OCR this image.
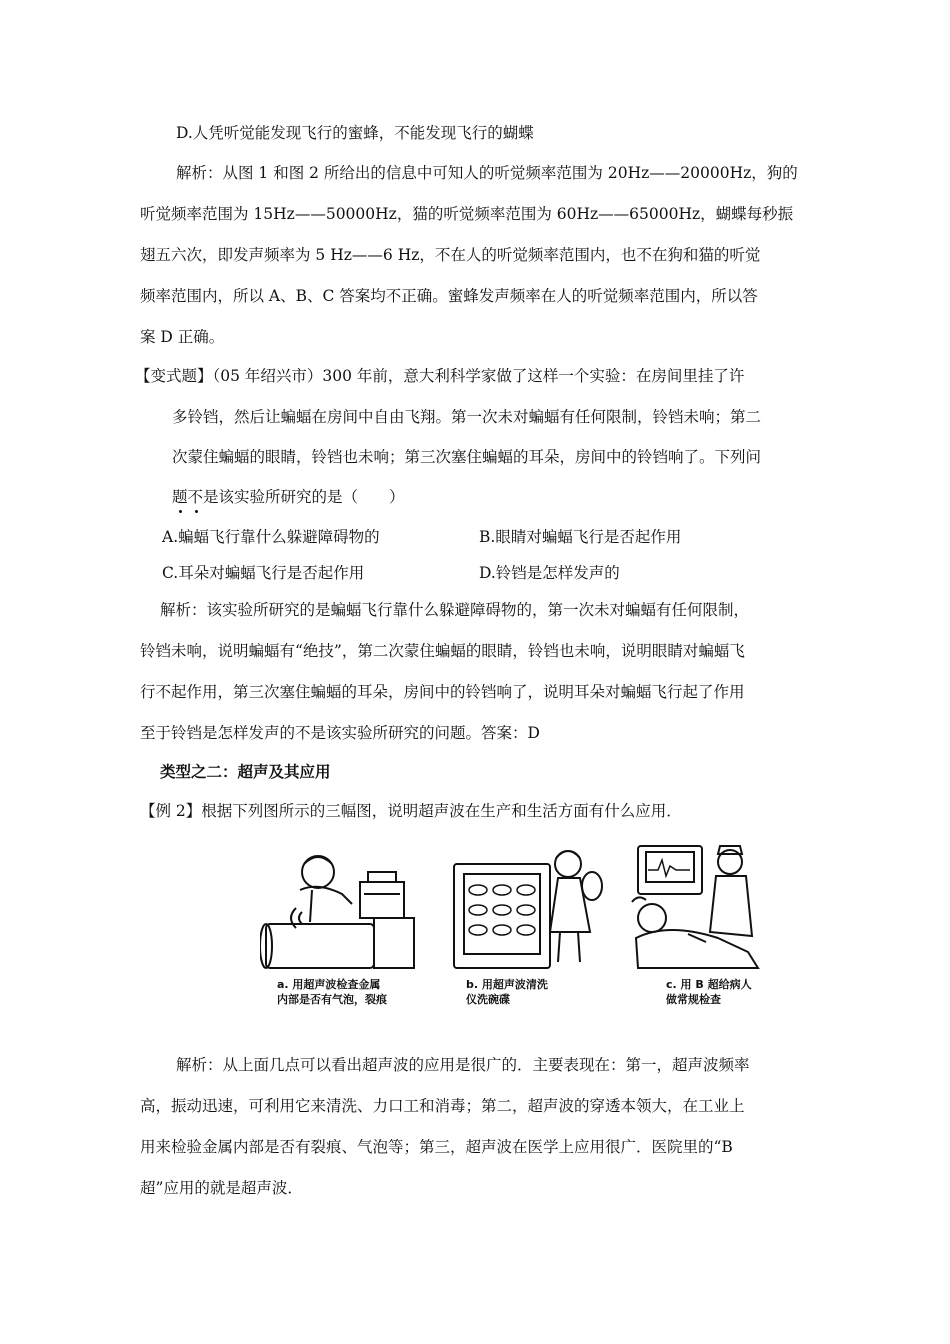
D.人凭听觉能发现飞行的蜜蜂，不能发现飞行的蝴蝶
解析：从图 1 和图 2 所给出的信息中可知人的听觉频率范围为 20Hz——20000Hz，狗的
听觉频率范围为 15Hz——50000Hz，猫的听觉频率范围为 60Hz——65000Hz，蝴蝶每秒振
翅五六次，即发声频率为 5 Hz——6 Hz，不在人的听觉频率范围内，也不在狗和猫的听觉
频率范围内，所以 A、B、C 答案均不正确。蜜蜂发声频率在人的听觉频率范围内，所以答
案 D 正确。
【变式题】（05 年绍兴市）300 年前，意大利科学家做了这样一个实验：在房间里挂了许
多铃铛，然后让蝙蝠在房间中自由飞翔。第一次未对蝙蝠有任何限制，铃铛未响；第二
次蒙住蝙蝠的眼睛，铃铛也未响；第三次塞住蝙蝠的耳朵，房间中的铃铛响了。下列问
题不是该实验所研究的是（　　）
A.蝙蝠飞行靠什么躲避障碍物的	B.眼睛对蝙蝠飞行是否起作用
C.耳朵对蝙蝠飞行是否起作用	D.铃铛是怎样发声的
解析：该实验所研究的是蝙蝠飞行靠什么躲避障碍物的，第一次未对蝙蝠有任何限制，
铃铛未响，说明蝙蝠有“绝技”，第二次蒙住蝙蝠的眼睛，铃铛也未响，说明眼睛对蝙蝠飞
行不起作用，第三次塞住蝙蝠的耳朵，房间中的铃铛响了，说明耳朵对蝙蝠飞行起了作用
至于铃铛是怎样发声的不是该实验所研究的问题。答案：D
类型之二：超声及其应用
【例 2】根据下列图所示的三幅图，说明超声波在生产和生活方面有什么应用．
a. 用超声波检查金属
内部是否有气泡，裂痕
b. 用超声波清洗
仪洗碗碟
c. 用 B 超给病人
做常规检查
解析：从上面几点可以看出超声波的应用是很广的．主要表现在：第一，超声波频率
高，振动迅速，可利用它来清洗、力口工和消毒；第二，超声波的穿透本领大，在工业上
用来检验金属内部是否有裂痕、气泡等；第三，超声波在医学上应用很广．医院里的“B
超”应用的就是超声波．
